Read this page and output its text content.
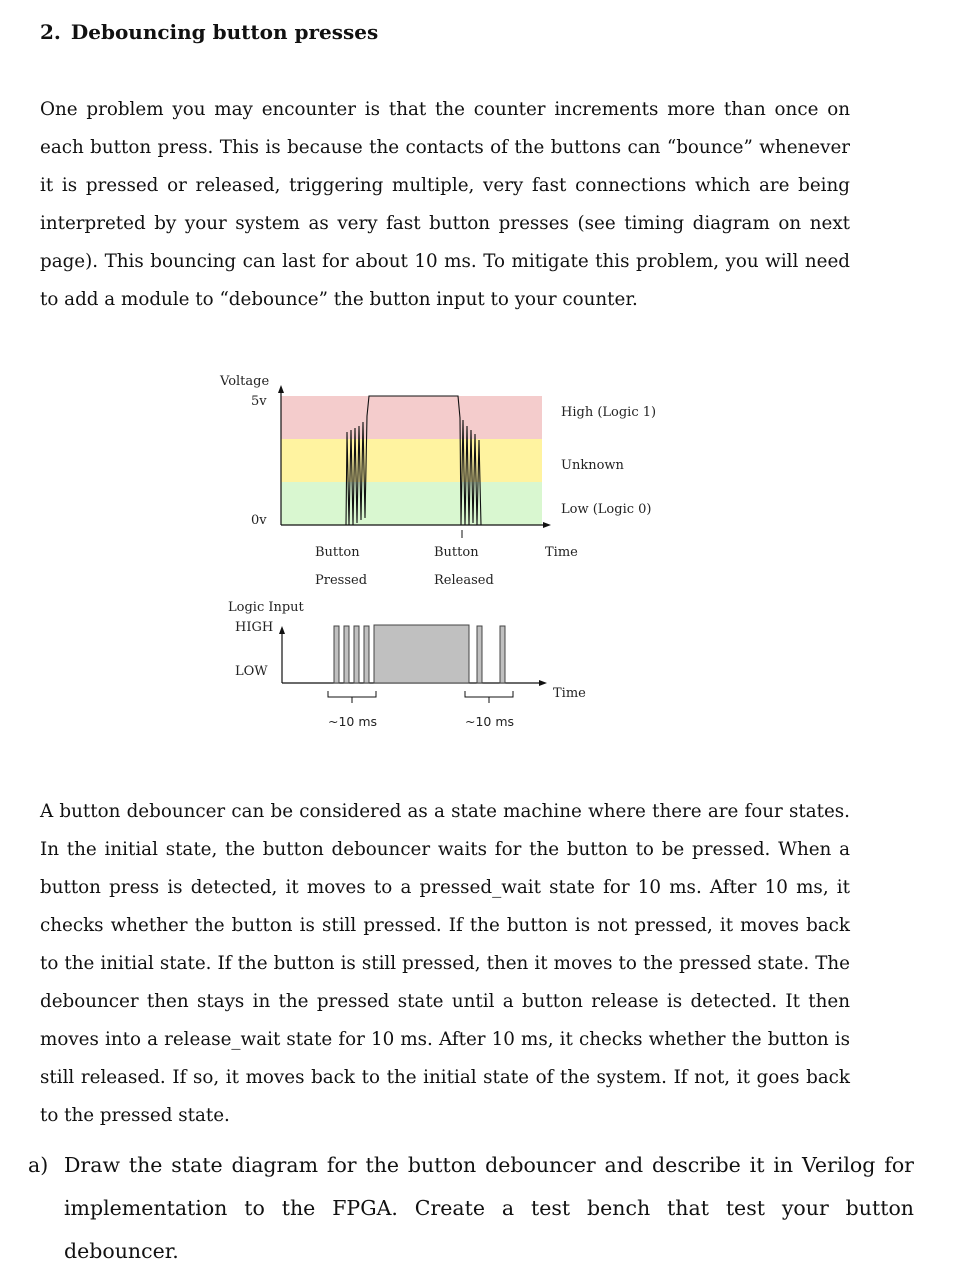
2. Debouncing button presses

One problem you may encounter is that the counter increments more than once on each button press. This is because the contacts of the buttons can “bounce” whenever it is pressed or released, triggering multiple, very fast connections which are being interpreted by your system as very fast button presses (see timing diagram on next page). This bouncing can last for about 10 ms. To mitigate this problem, you will need to add a module to “debounce” the button input to your counter.

Voltage
5v
0v
High (Logic 1)
Unknown
Low (Logic 0)
Time
Button
Pressed
Button
Released
Logic Input
HIGH
LOW
~10 ms	~10 ms
Time

A button debouncer can be considered as a state machine where there are four states. In the initial state, the button debouncer waits for the button to be pressed. When a button press is detected, it moves to a pressed_wait state for 10 ms. After 10 ms, it checks whether the button is still pressed. If the button is not pressed, it moves back to the initial state. If the button is still pressed, then it moves to the pressed state. The debouncer then stays in the pressed state until a button release is detected. It then moves into a release_wait state for 10 ms. After 10 ms, it checks whether the button is still released. If so, it moves back to the initial state of the system. If not, it goes back to the pressed state.

a) Draw the state diagram for the button debouncer and describe it in Verilog for implementation to the FPGA. Create a test bench that test your button debouncer.
